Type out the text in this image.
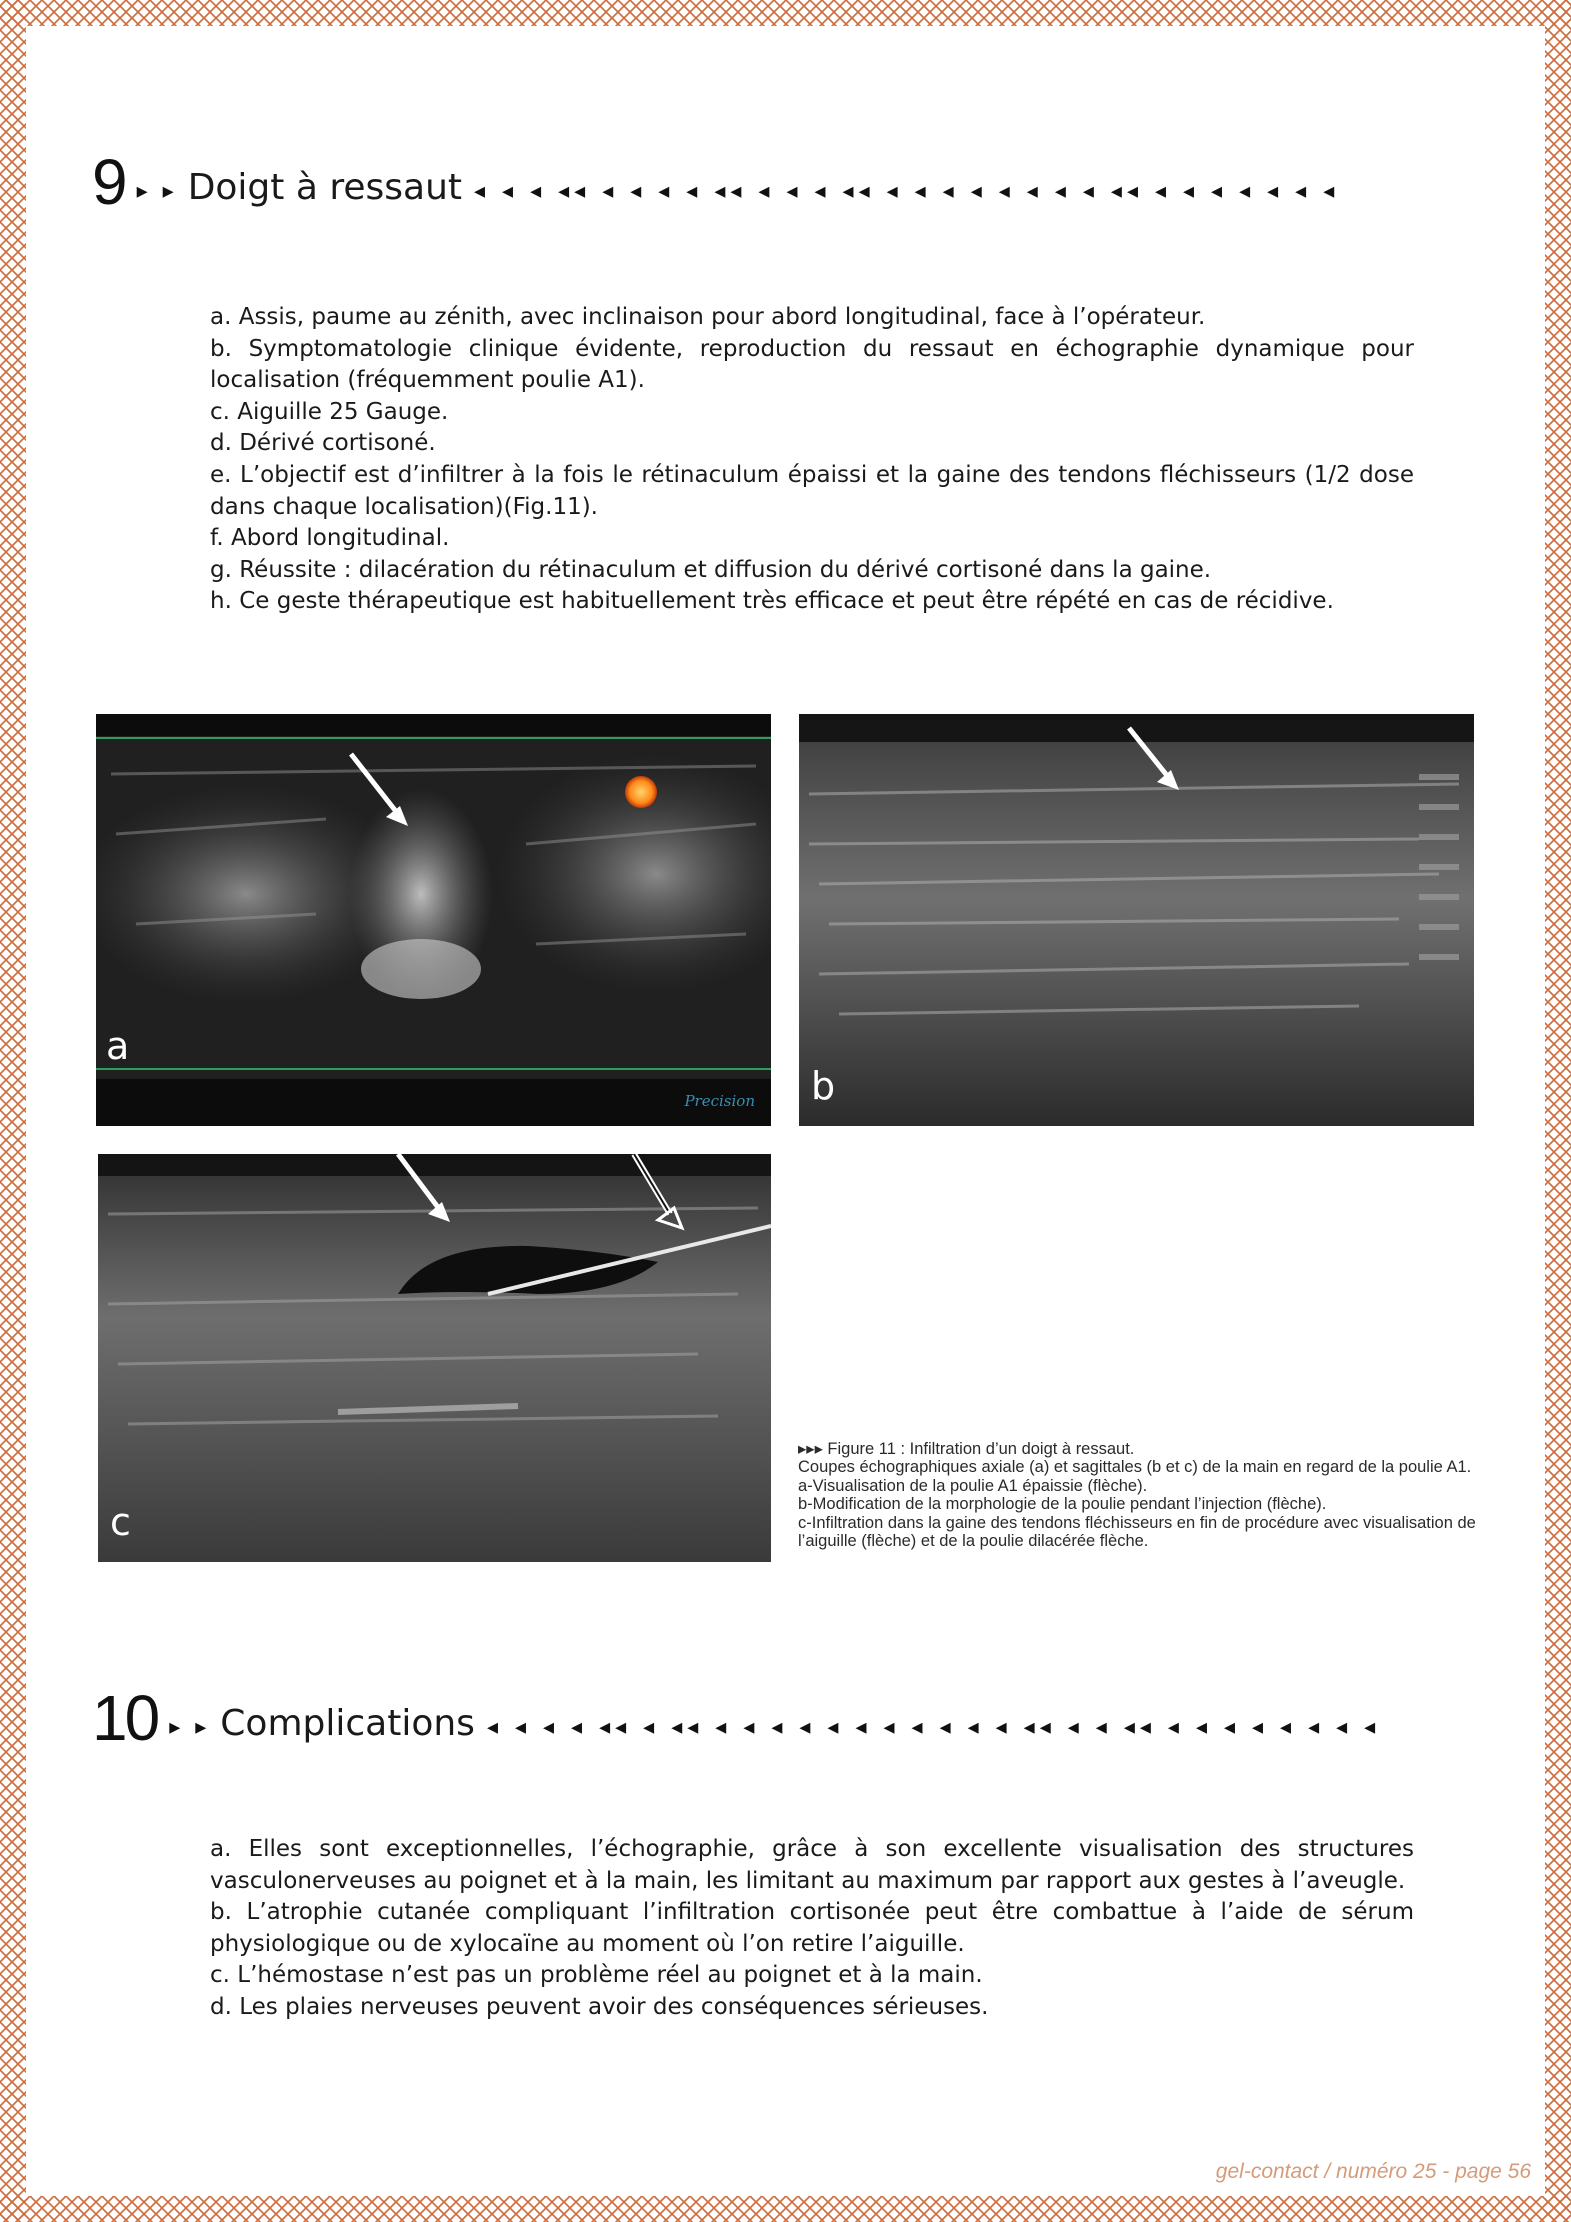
9 ▸ ▸ Doigt à ressaut ◂ ◂ ◂ ◂◂ ◂ ◂ ◂ ◂ ◂◂ ◂ ◂ ◂ ◂◂ ◂ ◂ ◂ ◂ ◂ ◂ ◂ ◂ ◂◂ ◂ ◂ ◂ ◂ ◂ ◂ ◂

a. Assis, paume au zénith, avec inclinaison pour abord longitudinal, face à l’opérateur.

b. Symptomatologie clinique évidente, reproduction du ressaut en échographie dynamique pour localisation (fréquemment poulie A1).

c. Aiguille 25 Gauge.

d. Dérivé cortisoné.

e. L’objectif est d’infiltrer à la fois le rétinaculum épaissi et la gaine des tendons fléchisseurs (1/2 dose dans chaque localisation)(Fig.11).

f. Abord longitudinal.

g. Réussite : dilacération du rétinaculum et diffusion du dérivé cortisoné dans la gaine.

h. Ce geste thérapeutique est habituellement très efficace et peut être répété en cas de récidive.

a
Precision b
c
▸▸▸ Figure 11 : Infiltration d’un doigt à ressaut.
Coupes échographiques axiale (a) et sagittales (b et c) de la main en regard de la poulie A1.
a-Visualisation de la poulie A1 épaissie (flèche).
b-Modification de la morphologie de la poulie pendant l’injection (flèche).
c-Infiltration dans la gaine des tendons fléchisseurs en fin de procédure avec visualisation de l’aiguille (flèche) et de la poulie dilacérée flèche.
10 ▸ ▸ Complications ◂ ◂ ◂ ◂ ◂◂ ◂ ◂◂ ◂ ◂ ◂ ◂ ◂ ◂ ◂ ◂ ◂ ◂ ◂ ◂◂ ◂ ◂ ◂◂ ◂ ◂ ◂ ◂ ◂ ◂ ◂ ◂

a. Elles sont exceptionnelles, l’échographie, grâce à son excellente visualisation des structures vasculonerveuses au poignet et à la main, les limitant au maximum par rapport aux gestes à l’aveugle.

b. L’atrophie cutanée compliquant l’infiltration cortisonée peut être combattue à l’aide de sérum physiologique ou de xylocaïne au moment où l’on retire l’aiguille.

c. L’hémostase n’est pas un problème réel au poignet et à la main.

d. Les plaies nerveuses peuvent avoir des conséquences sérieuses.

gel-contact / numéro 25 - page 56
